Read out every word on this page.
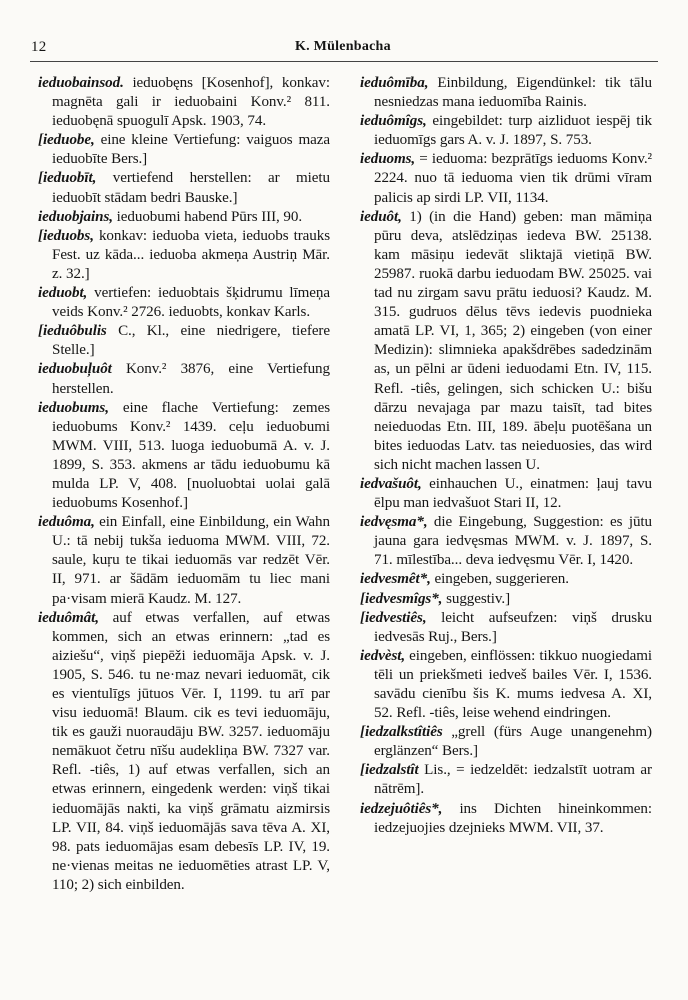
12	K. Mülenbacha

ieduobainsod. ieduobęns [Kosenhof], konkav: magnēta gali ir ieduobaini Konv.² 811. ieduobęnā spuogulī Apsk. 1903, 74.

[ieduobe, eine kleine Vertiefung: vaiguos maza ieduobīte Bers.]

[ieduobīt, vertiefend herstellen: ar mietu ieduobīt stādam bedri Bauske.]

ieduobjains, ieduobumi habend Pūrs III, 90.

[ieduobs, konkav: ieduoba vieta, ieduobs trauks Fest. uz kāda... ieduoba akmeņa Austriņ Mār. z. 32.]

ieduobt, vertiefen: ieduobtais šķidrumu līmeņa veids Konv.² 2726. ieduobts, konkav Karls.

[ieduôbulis C., Kl., eine niedrigere, tiefere Stelle.]

ieduobuļuôt Konv.² 3876, eine Vertiefung herstellen.

ieduobums, eine flache Vertiefung: zemes ieduobums Konv.² 1439. ceļu ieduobumi MWM. VIII, 513. luoga ieduobumā A. v. J. 1899, S. 353. akmens ar tādu ieduobumu kā mulda LP. V, 408. [nuoluobtai uolai galā ieduobums Kosenhof.]

ieduôma, ein Einfall, eine Einbildung, ein Wahn U.: tā nebij tukša ieduoma MWM. VIII, 72. saule, kuŗu te tikai ieduomās var redzēt Vēr. II, 971. ar šādām ieduomām tu liec mani pa·visam mierā Kaudz. M. 127.

ieduômât, auf etwas verfallen, auf etwas kommen, sich an etwas erinnern: „tad es aiziešu“, viņš piepēži ieduomāja Apsk. v. J. 1905, S. 546. tu ne·maz nevari ieduomāt, cik es vientulīgs jūtuos Vēr. I, 1199. tu arī par visu ieduomā! Blaum. cik es tevi ieduomāju, tik es gauži nuoraudāju BW. 3257. ieduomāju nemākuot četru nīšu audekliņa BW. 7327 var. Refl. -tiês, 1) auf etwas verfallen, sich an etwas erinnern, eingedenk werden: viņš tikai ieduomājās nakti, ka viņš grāmatu aizmirsis LP. VII, 84. viņš ieduomājās sava tēva A. XI, 98. pats ieduomājas esam debesīs LP. IV, 19. ne·vienas meitas ne ieduomēties atrast LP. V, 110; 2) sich einbilden.

ieduômība, Einbildung, Eigendünkel: tik tālu nesniedzas mana ieduomība Rainis.

ieduômîgs, eingebildet: turp aizliduot iespēj tik ieduomīgs gars A. v. J. 1897, S. 753.

ieduoms, = ieduoma: bezprātīgs ieduoms Konv.² 2224. nuo tā ieduoma vien tik drūmi vīram palicis ap sirdi LP. VII, 1134.

ieduôt, 1) (in die Hand) geben: man māmiņa pūru deva, atslēdziņas iedeva BW. 25138. kam māsiņu iedevāt sliktajā vietiņā BW. 25987. ruokā darbu ieduodam BW. 25025. vai tad nu zirgam savu prātu ieduosi? Kaudz. M. 315. gudruos dēlus tēvs iedevis puodnieka amatā LP. VI, 1, 365; 2) eingeben (von einer Medizin): slimniekа apakšdrēbes sadedzinām as, un pēlni ar ūdeni ieduodami Etn. IV, 115. Refl. -tiês, gelingen, sich schicken U.: bišu dārzu nevajaga par mazu taisīt, tad bites neieduodas Etn. III, 189. ābeļu puotēšana un bites ieduodas Latv. tas neieduosies, das wird sich nicht machen lassen U.

iedvašuôt, einhauchen U., einatmen: ļauj tavu ēlpu man iedvašuot Stari II, 12.

iedvęsma*, die Eingebung, Suggestion: es jūtu jauna gara iedvęsmas MWM. v. J. 1897, S. 71. mīlestība... deva iedvęsmu Vēr. I, 1420.

iedvesmêt*, eingeben, suggerieren.

[iedvesmîgs*, suggestiv.]

[iedvestiês, leicht aufseufzen: viņš drusku iedvesās Ruj., Bers.]

iedvèst, eingeben, einflössen: tikkuo nuogiedami tēli un priekšmeti iedveš bailes Vēr. I, 1536. savādu cienību šis K. mums iedvesa A. XI, 52. Refl. -tiês, leise wehend eindringen.

[iedzalkstîtiês „grell (fürs Auge unangenehm) erglänzen“ Bers.]

[iedzalstît Lis., = iedzeldēt: iedzalstīt uotram ar nātrēm].

iedzejuôtiês*, ins Dichten hineinkommen: iedzejuojies dzejnieks MWM. VII, 37.
